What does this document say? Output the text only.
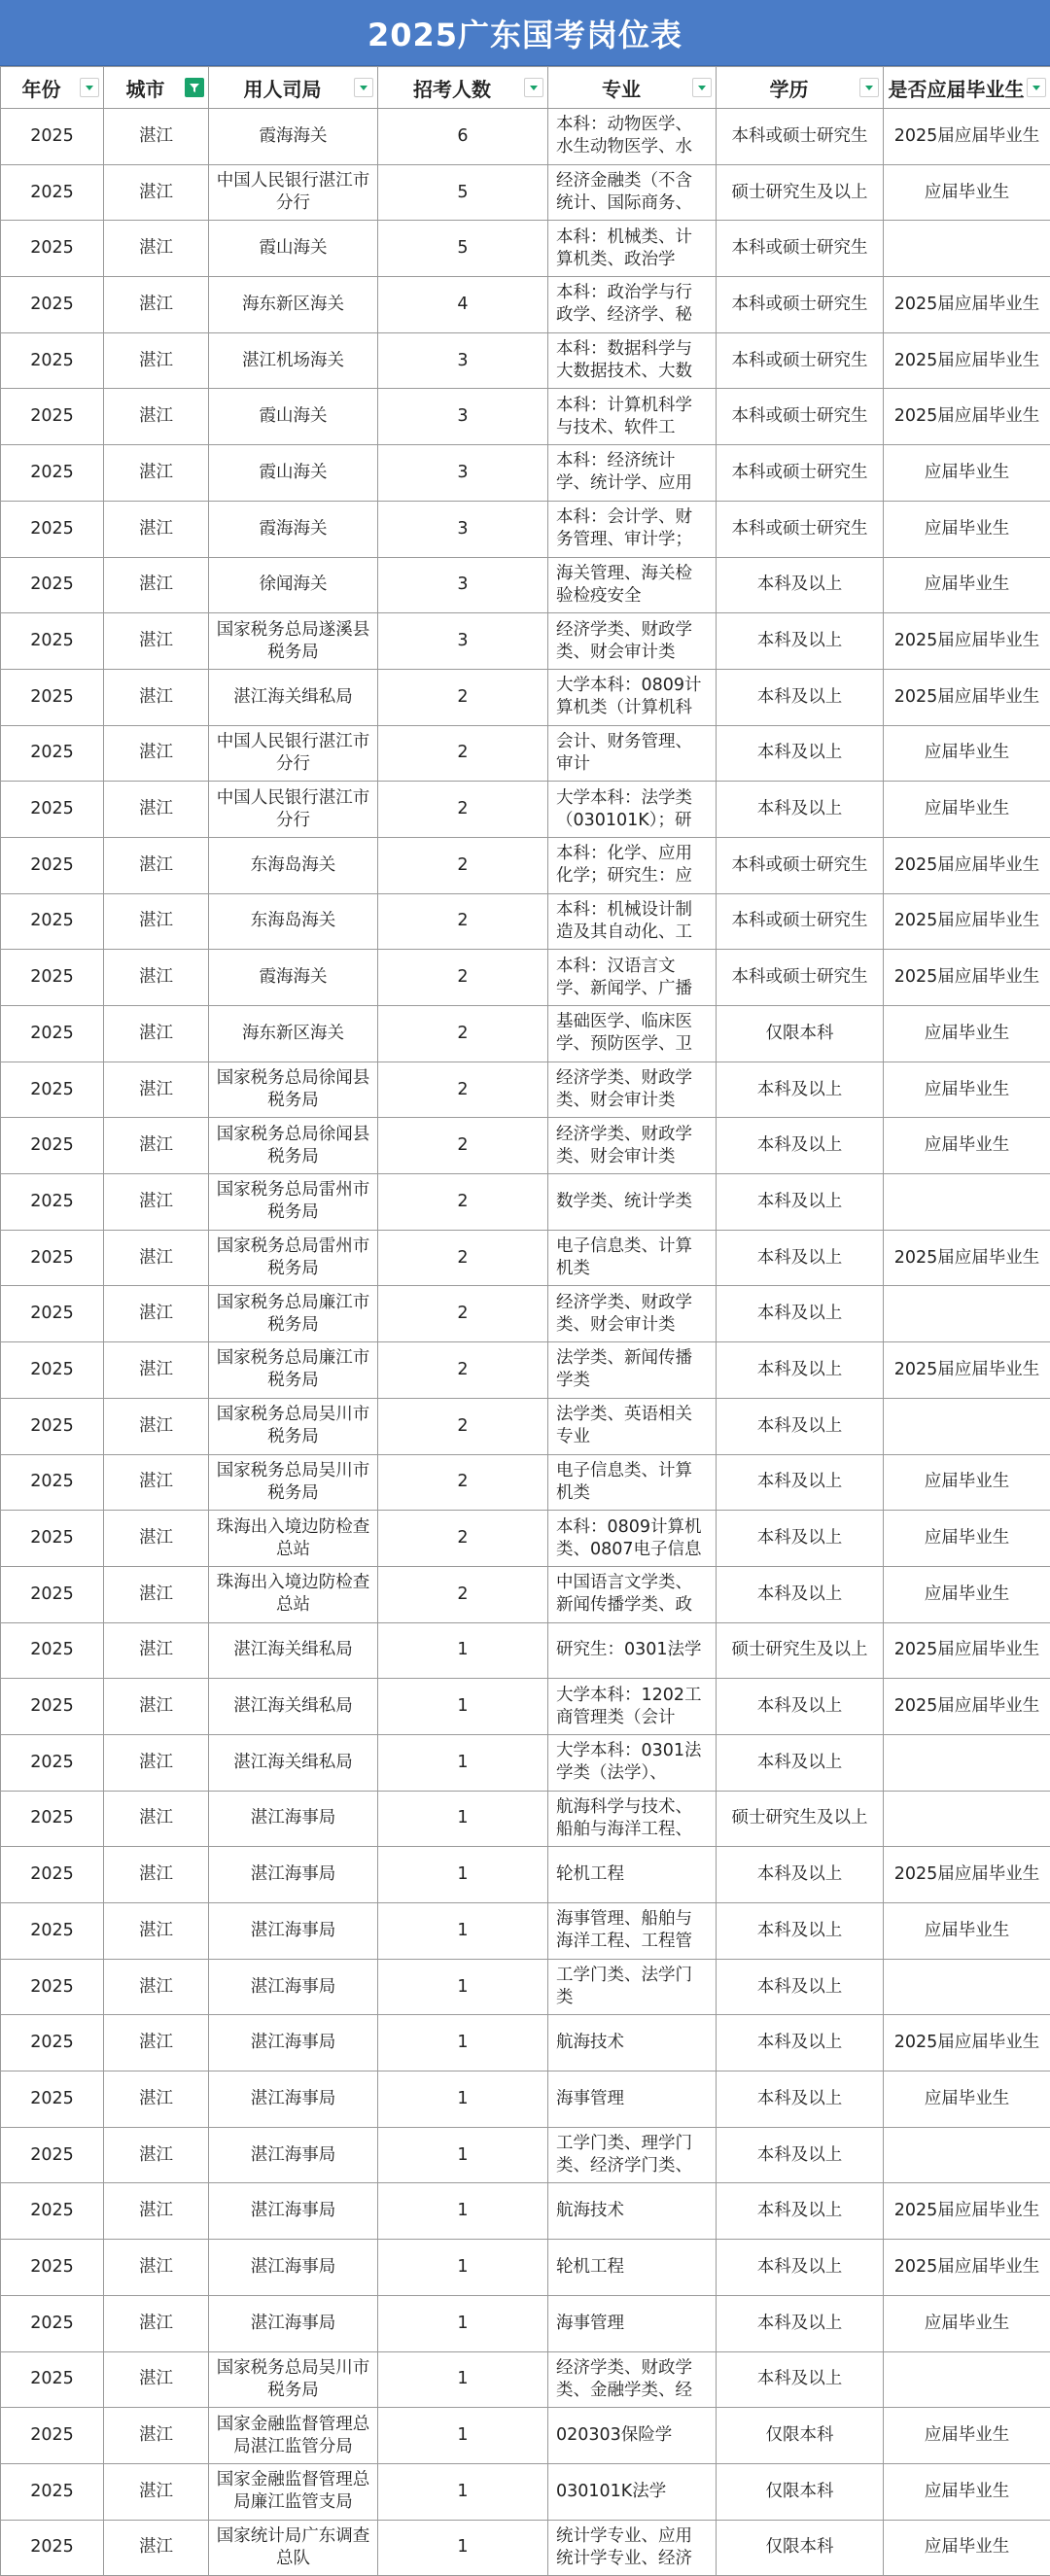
2025广东国考岗位表
年份	城市	用人司局	招考人数	专业	学历	是否应届毕业生

2025	湛江	霞海海关	6	本科：动物医学、水生动物医学、水	本科或硕士研究生	2025届应届毕业生

2025	湛江	中国人民银行湛江市分行	5	经济金融类（不含统计、国际商务、	硕士研究生及以上	应届毕业生

2025	湛江	霞山海关	5	本科：机械类、计算机类、政治学	本科或硕士研究生	

2025	湛江	海东新区海关	4	本科：政治学与行政学、经济学、秘	本科或硕士研究生	2025届应届毕业生

2025	湛江	湛江机场海关	3	本科：数据科学与大数据技术、大数	本科或硕士研究生	2025届应届毕业生

2025	湛江	霞山海关	3	本科：计算机科学与技术、软件工	本科或硕士研究生	2025届应届毕业生

2025	湛江	霞山海关	3	本科：经济统计学、统计学、应用	本科或硕士研究生	应届毕业生

2025	湛江	霞海海关	3	本科：会计学、财务管理、审计学；	本科或硕士研究生	应届毕业生

2025	湛江	徐闻海关	3	海关管理、海关检验检疫安全	本科及以上	应届毕业生

2025	湛江	国家税务总局遂溪县税务局	3	经济学类、财政学类、财会审计类	本科及以上	2025届应届毕业生

2025	湛江	湛江海关缉私局	2	大学本科：0809计算机类（计算机科	本科及以上	2025届应届毕业生

2025	湛江	中国人民银行湛江市分行	2	会计、财务管理、审计	本科及以上	应届毕业生

2025	湛江	中国人民银行湛江市分行	2	大学本科：法学类（030101K）；研	本科及以上	应届毕业生

2025	湛江	东海岛海关	2	本科：化学、应用化学；研究生：应	本科或硕士研究生	2025届应届毕业生

2025	湛江	东海岛海关	2	本科：机械设计制造及其自动化、工	本科或硕士研究生	2025届应届毕业生

2025	湛江	霞海海关	2	本科：汉语言文学、新闻学、广播	本科或硕士研究生	2025届应届毕业生

2025	湛江	海东新区海关	2	基础医学、临床医学、预防医学、卫	仅限本科	应届毕业生

2025	湛江	国家税务总局徐闻县税务局	2	经济学类、财政学类、财会审计类	本科及以上	应届毕业生

2025	湛江	国家税务总局徐闻县税务局	2	经济学类、财政学类、财会审计类	本科及以上	应届毕业生

2025	湛江	国家税务总局雷州市税务局	2	数学类、统计学类	本科及以上	

2025	湛江	国家税务总局雷州市税务局	2	电子信息类、计算机类	本科及以上	2025届应届毕业生

2025	湛江	国家税务总局廉江市税务局	2	经济学类、财政学类、财会审计类	本科及以上	

2025	湛江	国家税务总局廉江市税务局	2	法学类、新闻传播学类	本科及以上	2025届应届毕业生

2025	湛江	国家税务总局吴川市税务局	2	法学类、英语相关专业	本科及以上	

2025	湛江	国家税务总局吴川市税务局	2	电子信息类、计算机类	本科及以上	应届毕业生

2025	湛江	珠海出入境边防检查总站	2	本科：0809计算机类、0807电子信息	本科及以上	应届毕业生

2025	湛江	珠海出入境边防检查总站	2	中国语言文学类、新闻传播学类、政	本科及以上	应届毕业生

2025	湛江	湛江海关缉私局	1	研究生：0301法学	硕士研究生及以上	2025届应届毕业生

2025	湛江	湛江海关缉私局	1	大学本科：1202工商管理类（会计	本科及以上	2025届应届毕业生

2025	湛江	湛江海关缉私局	1	大学本科：0301法学类（法学）、	本科及以上	

2025	湛江	湛江海事局	1	航海科学与技术、船舶与海洋工程、	硕士研究生及以上	

2025	湛江	湛江海事局	1	轮机工程	本科及以上	2025届应届毕业生

2025	湛江	湛江海事局	1	海事管理、船舶与海洋工程、工程管	本科及以上	应届毕业生

2025	湛江	湛江海事局	1	工学门类、法学门类	本科及以上	

2025	湛江	湛江海事局	1	航海技术	本科及以上	2025届应届毕业生

2025	湛江	湛江海事局	1	海事管理	本科及以上	应届毕业生

2025	湛江	湛江海事局	1	工学门类、理学门类、经济学门类、	本科及以上	

2025	湛江	湛江海事局	1	航海技术	本科及以上	2025届应届毕业生

2025	湛江	湛江海事局	1	轮机工程	本科及以上	2025届应届毕业生

2025	湛江	湛江海事局	1	海事管理	本科及以上	应届毕业生

2025	湛江	国家税务总局吴川市税务局	1	经济学类、财政学类、金融学类、经	本科及以上	

2025	湛江	国家金融监督管理总局湛江监管分局	1	020303保险学	仅限本科	应届毕业生

2025	湛江	国家金融监督管理总局廉江监管支局	1	030101K法学	仅限本科	应届毕业生

2025	湛江	国家统计局广东调查总队	1	统计学专业、应用统计学专业、经济	仅限本科	应届毕业生
